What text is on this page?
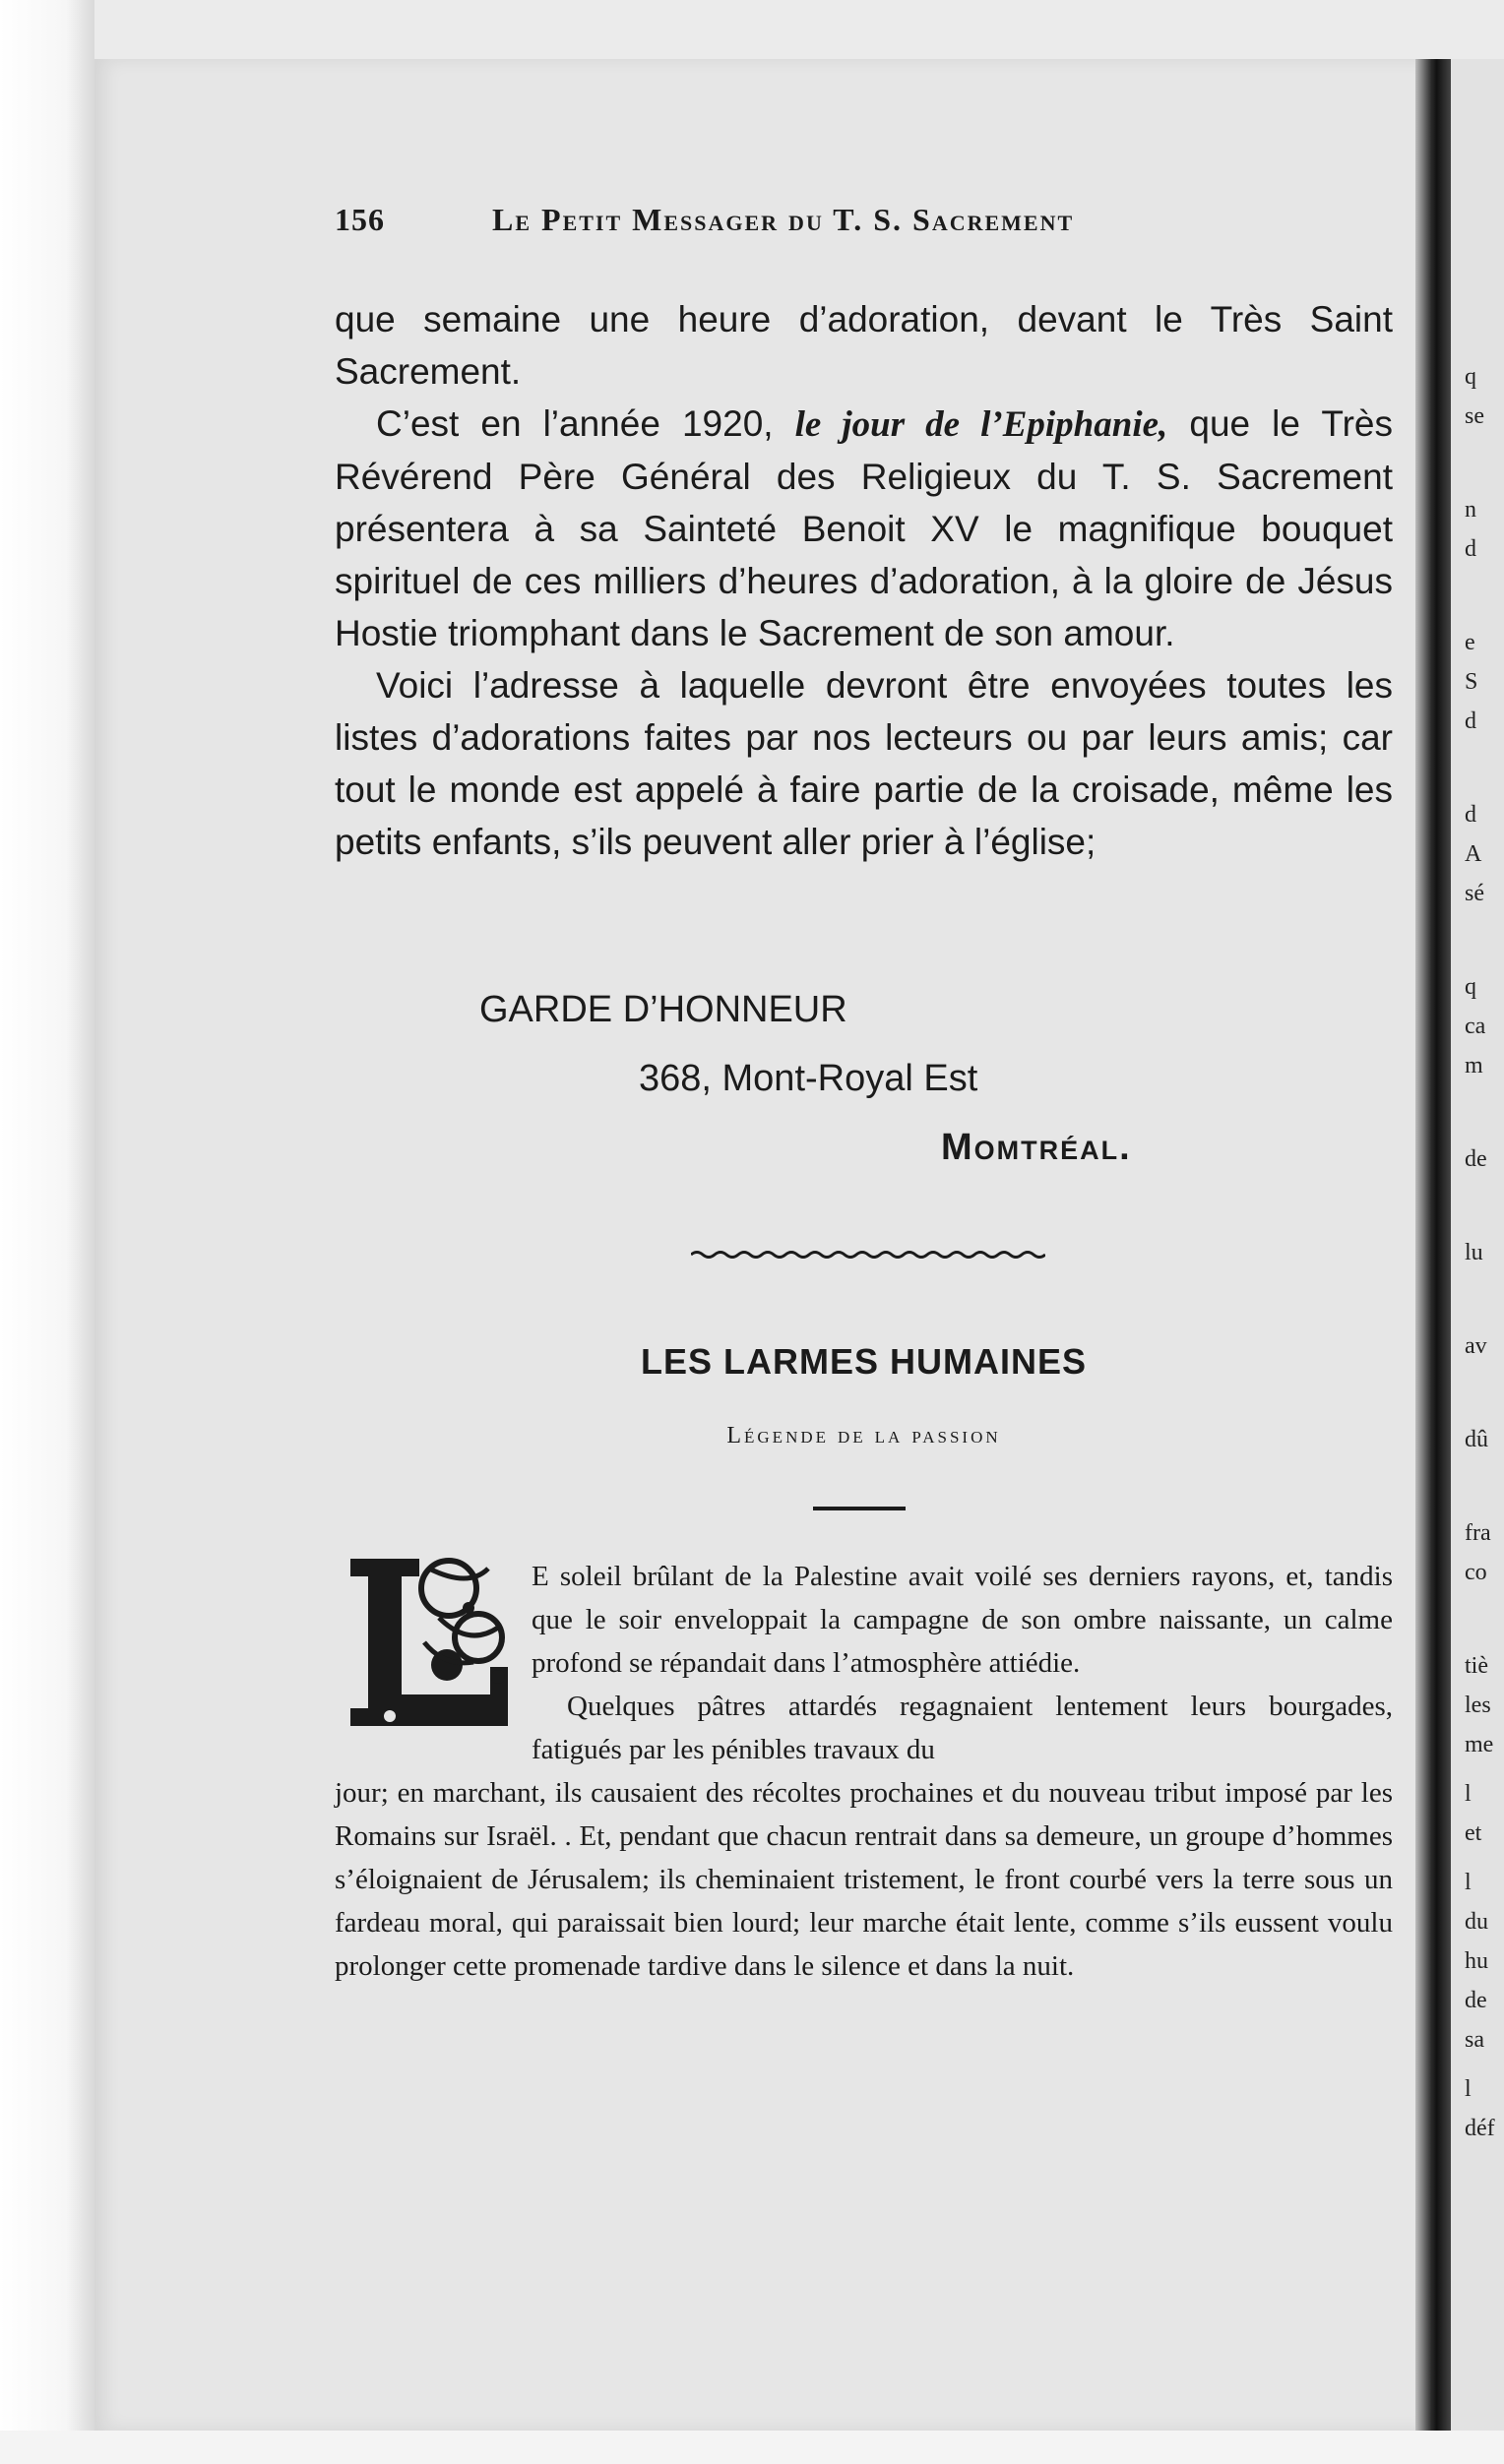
q
se
n
d
e
S
d
d
A
sé
q
ca
m
de
lu
av
dû
fra
co
tiè
les
me
l
et
l
du
hu
de
sa
l
déf
156	Le Petit Messager du T. S. Sacrement

que semaine une heure d’adoration, devant le Très Saint Sacrement.

C’est en l’année 1920, le jour de l’Epiphanie, que le Très Révérend Père Général des Religieux du T. S. Sacrement présentera à sa Sainteté Benoit XV le magnifique bouquet spirituel de ces milliers d’heures d’adoration, à la gloire de Jésus Hostie triomphant dans le Sacrement de son amour.

Voici l’adresse à laquelle devront être envoyées toutes les listes d’adorations faites par nos lecteurs ou par leurs amis; car tout le monde est appelé à faire partie de la croisade, même les petits enfants, s’ils peuvent aller prier à l’église;

GARDE D’HONNEUR
368, Mont-Royal Est
Momtréal.
LES LARMES HUMAINES
Légende de la passion

E soleil brûlant de la Palestine avait voilé ses derniers rayons, et, tandis que le soir enveloppait la campagne de son ombre naissante, un calme profond se répandait dans l’atmosphère attiédie.

Quelques pâtres attardés regagnaient lentement leurs bourgades, fatigués par les pénibles travaux du

jour; en marchant, ils causaient des récoltes prochaines et du nouveau tribut imposé par les Romains sur Israël. . Et, pendant que chacun rentrait dans sa demeure, un groupe d’hommes s’éloignaient de Jérusalem; ils cheminaient tristement, le front courbé vers la terre sous un fardeau moral, qui paraissait bien lourd; leur marche était lente, comme s’ils eussent voulu prolonger cette promenade tardive dans le silence et dans la nuit.
